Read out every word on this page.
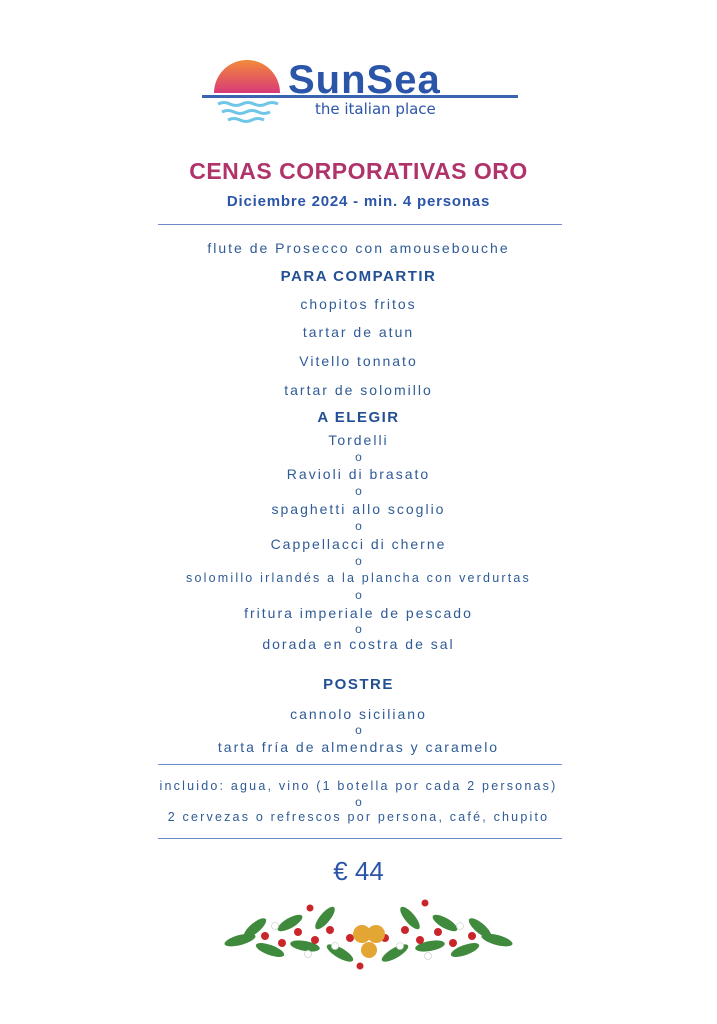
SunSea
the italian place
CENAS CORPORATIVAS ORO
Diciembre 2024 - min. 4 personas
flute de Prosecco con amousebouche
PARA COMPARTIR
chopitos fritos
tartar de atun
Vitello tonnato
tartar de solomillo
A ELEGIR
Tordelli
o
Ravioli di brasato
o
spaghetti allo scoglio
o
Cappellacci di cherne
o
solomillo irlandés a la plancha con verdurtas
o
fritura imperiale de pescado
o
dorada en costra de sal
POSTRE
cannolo siciliano
o
tarta fría de almendras y caramelo
incluido: agua, vino (1 botella por cada 2 personas)
o
2 cervezas o refrescos por persona, café, chupito
€ 44
